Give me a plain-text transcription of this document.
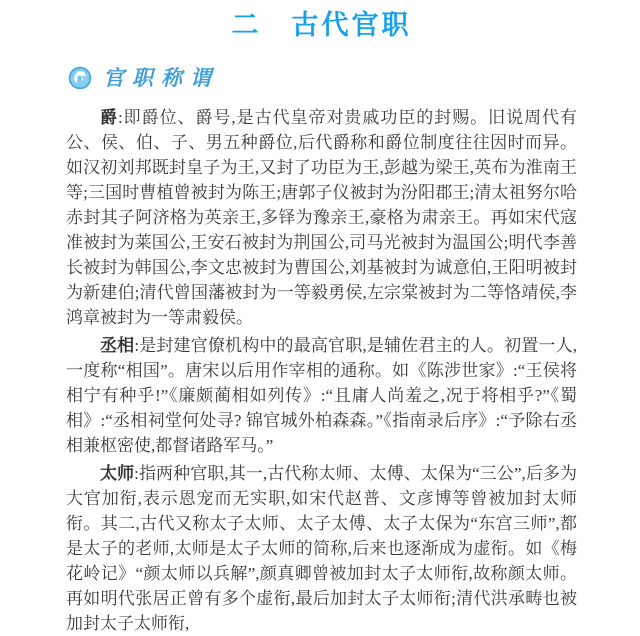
二　古代官职
官职称谓

爵:即爵位、爵号,是古代皇帝对贵戚功臣的封赐。旧说周代有公、侯、伯、子、男五种爵位,后代爵称和爵位制度往往因时而异。如汉初刘邦既封皇子为王,又封了功臣为王,彭越为梁王,英布为淮南王等;三国时曹植曾被封为陈王;唐郭子仪被封为汾阳郡王;清太祖努尔哈赤封其子阿济格为英亲王,多铎为豫亲王,豪格为肃亲王。再如宋代寇准被封为莱国公,王安石被封为荆国公,司马光被封为温国公;明代李善长被封为韩国公,李文忠被封为曹国公,刘基被封为诚意伯,王阳明被封为新建伯;清代曾国藩被封为一等毅勇侯,左宗棠被封为二等恪靖侯,李鸿章被封为一等肃毅侯。

丞相:是封建官僚机构中的最高官职,是辅佐君主的人。初置一人,一度称“相国”。唐宋以后用作宰相的通称。如《陈涉世家》:“王侯将相宁有种乎!”《廉颇蔺相如列传》:“且庸人尚羞之,况于将相乎?”《蜀相》:“丞相祠堂何处寻? 锦官城外柏森森。”《指南录后序》:“予除右丞相兼枢密使,都督诸路军马。”

太师:指两种官职,其一,古代称太师、太傅、太保为“三公”,后多为大官加衔,表示恩宠而无实职,如宋代赵普、文彦博等曾被加封太师衔。其二,古代又称太子太师、太子太傅、太子太保为“东宫三师”,都是太子的老师,太师是太子太师的简称,后来也逐渐成为虚衔。如《梅花岭记》“颜太师以兵解”,颜真卿曾被加封太子太师衔,故称颜太师。再如明代张居正曾有多个虚衔,最后加封太子太师衔;清代洪承畴也被加封太子太师衔,
